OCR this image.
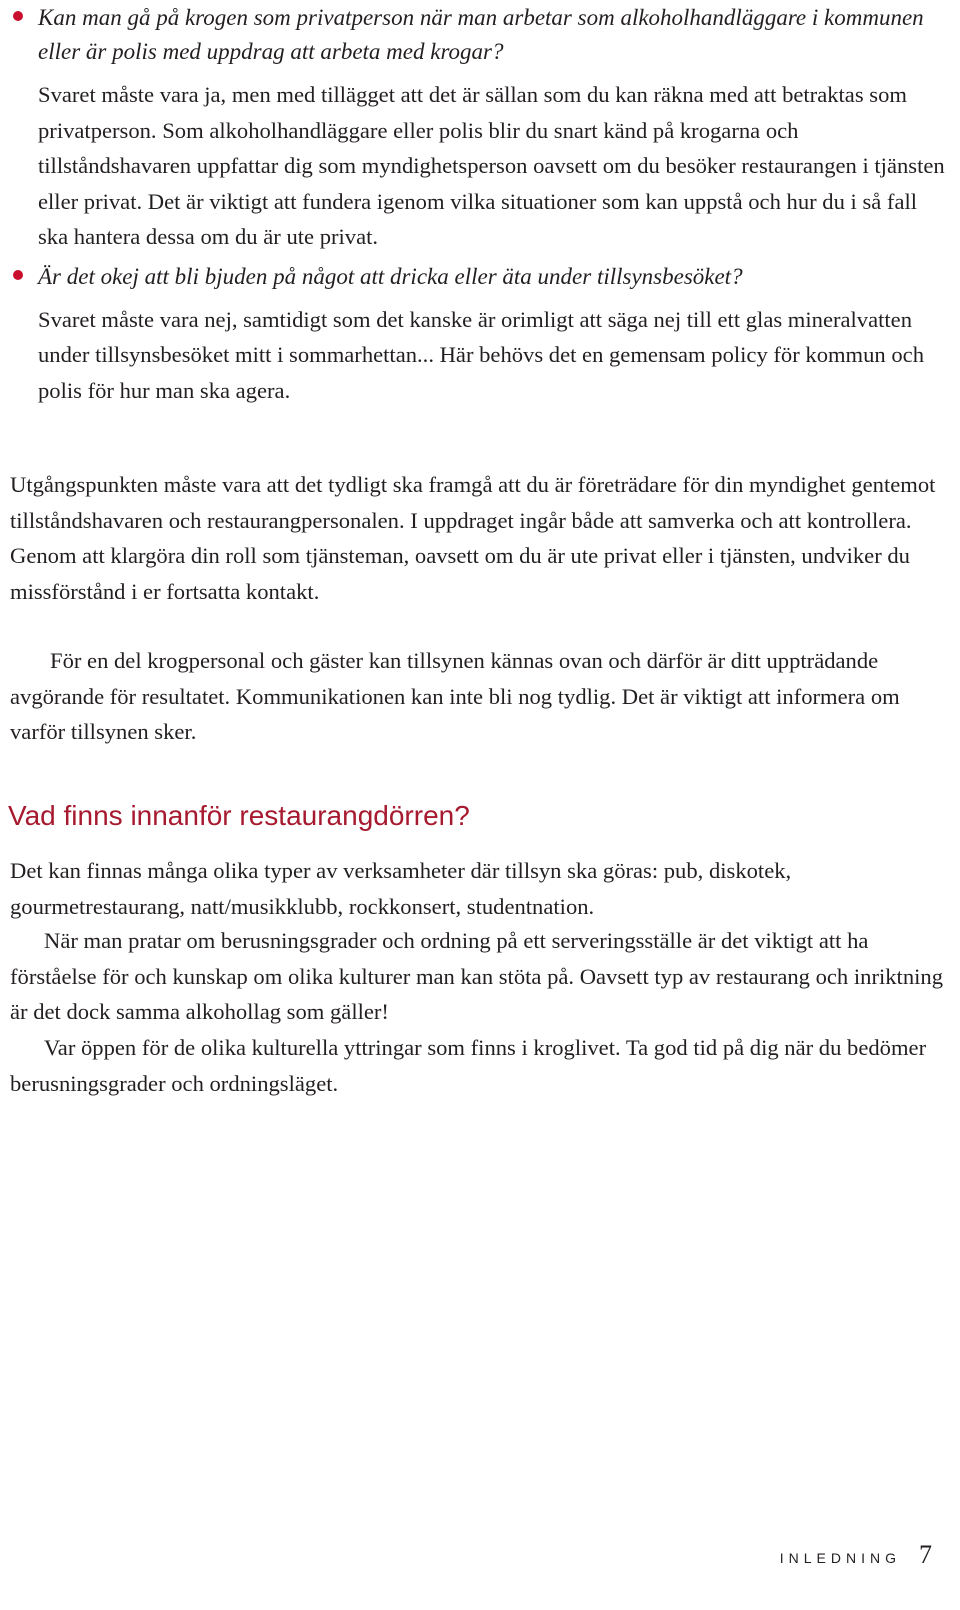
Kan man gå på krogen som privatperson när man arbetar som alkoholhandläggare i kommunen eller är polis med uppdrag att arbeta med krogar?

Svaret måste vara ja, men med tillägget att det är sällan som du kan räkna med att betraktas som privatperson. Som alkoholhandläggare eller polis blir du snart känd på krogarna och tillståndshavaren uppfattar dig som myndighetsperson oavsett om du besöker restaurangen i tjänsten eller privat. Det är viktigt att fundera igenom vilka situationer som kan uppstå och hur du i så fall ska hantera dessa om du är ute privat.

Är det okej att bli bjuden på något att dricka eller äta under tillsynsbesöket?

Svaret måste vara nej, samtidigt som det kanske är orimligt att säga nej till ett glas mineralvatten under tillsynsbesöket mitt i sommarhettan... Här behövs det en gemensam policy för kommun och polis för hur man ska agera.

Utgångspunkten måste vara att det tydligt ska framgå att du är företrädare för din myndighet gentemot tillståndshavaren och restaurangpersonalen. I uppdraget ingår både att samverka och att kontrollera. Genom att klargöra din roll som tjänsteman, oavsett om du är ute privat eller i tjänsten, undviker du missförstånd i er fortsatta kontakt.

För en del krogpersonal och gäster kan tillsynen kännas ovan och därför är ditt uppträdande avgörande för resultatet. Kommunikationen kan inte bli nog tydlig. Det är viktigt att informera om varför tillsynen sker.

Vad finns innanför restaurangdörren?

Det kan finnas många olika typer av verksamheter där tillsyn ska göras: pub, diskotek, gourmetrestaurang, natt/musikklubb, rockkonsert, studentnation.

När man pratar om berusningsgrader och ordning på ett serveringsställe är det viktigt att ha förståelse för och kunskap om olika kulturer man kan stöta på. Oavsett typ av restaurang och inriktning är det dock samma alkohollag som gäller!

Var öppen för de olika kulturella yttringar som finns i kroglivet. Ta god tid på dig när du bedömer berusningsgrader och ordningsläget.

INLEDNING 7
